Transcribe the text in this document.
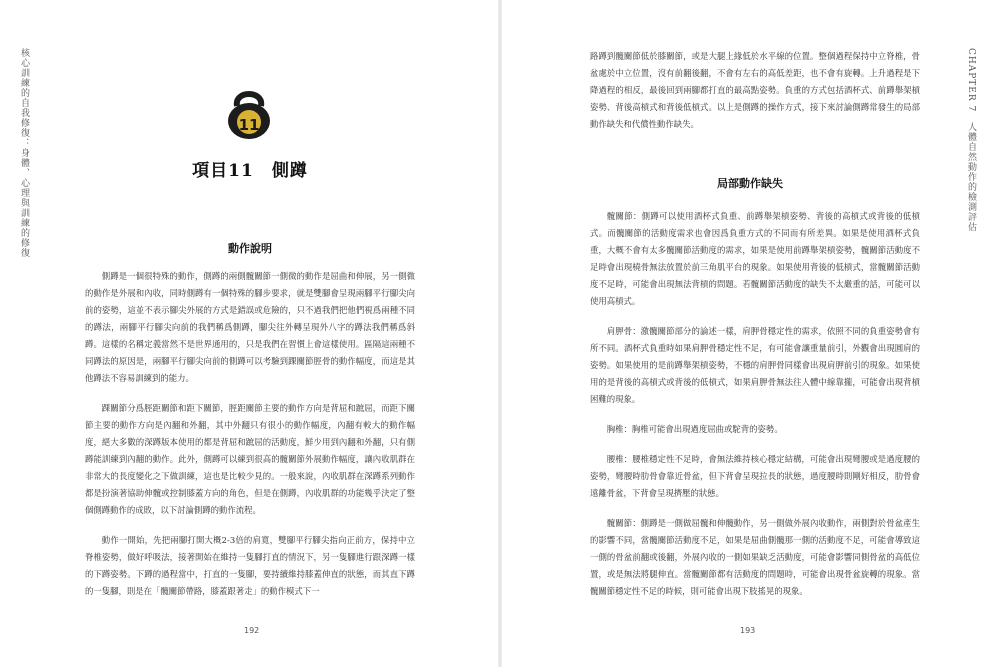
核心訓練的自我修復：身體、心理與訓練的修復	11
項目11　側蹲
動作說明

側蹲是一個很特殊的動作，側蹲的兩側髖關節一側微的動作是屈曲和伸展，另一側微的動作是外展和內收，同時側蹲有一個特殊的腳步要求，就是雙腳會呈現兩腳平行腳尖向前的姿勢，這並不表示腳尖外展的方式是錯誤或危險的，只不過我們把他們視爲兩種不同的蹲法，兩腳平行腳尖向前的我們稱爲側蹲，腳尖往外轉呈現外八字的蹲法我們稱爲斜蹲。這樣的名稱定義當然不是世界通用的，只是我們在習慣上會這樣使用。區隔這兩種不同蹲法的原因是，兩腳平行腳尖向前的側蹲可以考驗到踝關節脛骨的動作幅度，而這是其他蹲法不容易訓練到的能力。

踝關節分爲脛距關節和距下關節，脛距關節主要的動作方向是背屈和蹠屈，而距下關節主要的動作方向是內翻和外翻，其中外翻只有很小的動作幅度，內翻有較大的動作幅度，絕大多數的深蹲版本使用的都是背屈和蹠屈的活動度，鮮少用到內翻和外翻，只有側蹲能訓練到內翻的動作。此外，側蹲可以練到很高的髖關節外展動作幅度，讓內收肌群在非常大的長度變化之下做訓練，這也是比較少見的。一般來說，內收肌群在深蹲系列動作都是扮演著協助伸髖或控制膝蓋方向的角色，但是在側蹲，內收肌群的功能幾乎決定了整個側蹲動作的成敗，以下討論側蹲的動作流程。

動作一開始，先把兩腳打開大概2-3倍的肩寬，雙腳平行腳尖指向正前方，保持中立脊椎姿勢，做好呼吸法，接著開始在維持一隻腳打直的情況下，另一隻腳進行跟深蹲一樣的下蹲姿勢。下蹲的過程當中，打直的一隻腳，要持續維持膝蓋伸直的狀態，而其直下蹲的一隻腳，則是在「髖關節帶路，膝蓋跟著走」的動作模式下一

192
CHAPTER 7　人體自然動作的檢測評估

路蹲到髖關節低於膝關節，或是大腿上緣低於水平線的位置。整個過程保持中立脊椎，骨盆處於中立位置，沒有前翻後翻，不會有左右的高低差距，也不會有旋轉。上升過程是下降過程的相反，最後回到兩腳都打直的最高點姿勢。負重的方式包括酒杯式、前蹲舉架槓姿勢、背後高槓式和背後低槓式。以上是側蹲的操作方式，接下來討論側蹲常發生的局部動作缺失和代償性動作缺失。

局部動作缺失

髖關節：側蹲可以使用酒杯式負重、前蹲舉架槓姿勢、背後的高槓式或背後的低槓式。而髖關節的活動度需求也會因爲負重方式的不同而有所差異。如果是使用酒杯式負重，大概不會有太多髖關節活動度的需求，如果是使用前蹲舉架槓姿勢，髖關節活動度不足時會出現橈骨無法放置於前三角肌平台的現象。如果使用背後的低槓式，當髖關節活動度不足時，可能會出現無法背槓的問題。若髖關節活動度的缺失不太嚴重的話，可能可以使用高槓式。

肩胛骨：激髖關節部分的論述一樣，肩胛骨穩定性的需求，依照不同的負重姿勢會有所不同。酒杯式負重時如果肩胛骨穩定性不足，有可能會讓重量前引，外觀會出現圓肩的姿勢。如果使用的是前蹲舉架槓姿勢，不穩的肩胛骨同樣會出現肩胛前引的現象。如果使用的是背後的高槓式或背後的低槓式，如果肩胛骨無法往人體中線靠攏，可能會出現背槓困難的現象。

胸椎：胸椎可能會出現過度屈曲或駝背的姿勢。

腰椎：腰椎穩定性不足時，會無法維持核心穩定結構，可能會出現彎腰或是過度腰的姿勢，彎腰時肋骨會靠近骨盆，但下背會呈現拉長的狀態，過度腰時則剛好相反，肋骨會遠離骨盆，下背會呈現擠壓的狀態。

髖關節：側蹲是一側做屈髖和伸髖動作，另一側做外展內收動作，兩側對於骨盆產生的影響不同，當髖關節活動度不足，如果是屈曲側髖那一側的活動度不足，可能會導致這一側的骨盆前翻或後翻，外展內收的一側如果缺乏活動度，可能會影響同側骨盆的高低位置，或是無法將腿伸直。當髖關節都有活動度的問題時，可能會出現骨盆旋轉的現象。當髖關節穩定性不足的時候，則可能會出現下肢搖晃的現象。

193
